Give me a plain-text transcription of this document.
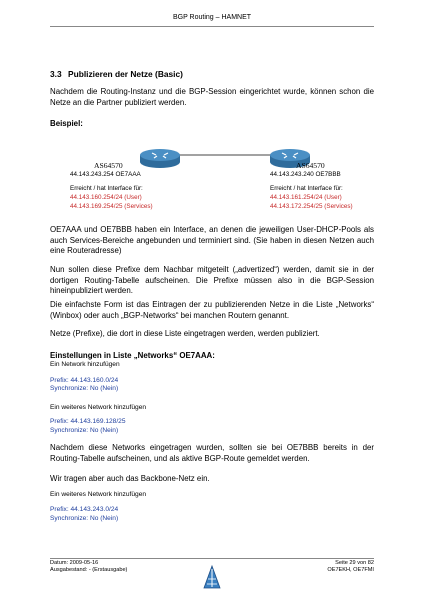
BGP Routing – HAMNET
3.3 Publizieren der Netze (Basic)
Nachdem die Routing-Instanz und die BGP-Session eingerichtet wurde, können schon die Netze an die Partner publiziert werden.
Beispiel:
AS64570
44.143.243.254 OE7AAA
Erreicht / hat Interface für:
44.143.160.254/24 (User)
44.143.169.254/25 (Services)
AS64570
44.143.243.240 OE7BBB
Erreicht / hat Interface für:
44.143.161.254/24 (User)
44.143.172.254/25 (Services)
OE7AAA und OE7BBB haben ein Interface, an denen die jeweiligen User-DHCP-Pools als auch Services-Bereiche angebunden und terminiert sind. (Sie haben in diesen Netzen auch eine Routeradresse)
Nun sollen diese Prefixe dem Nachbar mitgeteilt („advertized“) werden, damit sie in der dortigen Routing-Tabelle aufscheinen. Die Prefixe müssen also in die BGP-Session hineinpubliziert werden.
Die einfachste Form ist das Eintragen der zu publizierenden Netze in die Liste „Networks“ (Winbox) oder auch „BGP-Networks“ bei manchen Routern genannt.
Netze (Prefixe), die dort in diese Liste eingetragen werden, werden publiziert.
Einstellungen in Liste „Networks“ OE7AAA:
Ein Network hinzufügen
Prefix: 44.143.160.0/24
Synchronize: No (Nein)
Ein weiteres Network hinzufügen
Prefix: 44.143.169.128/25
Synchronize: No (Nein)
Nachdem diese Networks eingetragen wurden, sollten sie bei OE7BBB bereits in der Routing-Tabelle aufscheinen, und als aktive BGP-Route gemeldet werden.
Wir tragen aber auch das Backbone-Netz ein.
Ein weiteres Network hinzufügen
Prefix: 44.143.243.0/24
Synchronize: No (Nein)
Datum: 2009-05-16
Ausgabestand: - (Erstausgabe)
Seite 29 von 82
OE7EKH, OE7FMI
